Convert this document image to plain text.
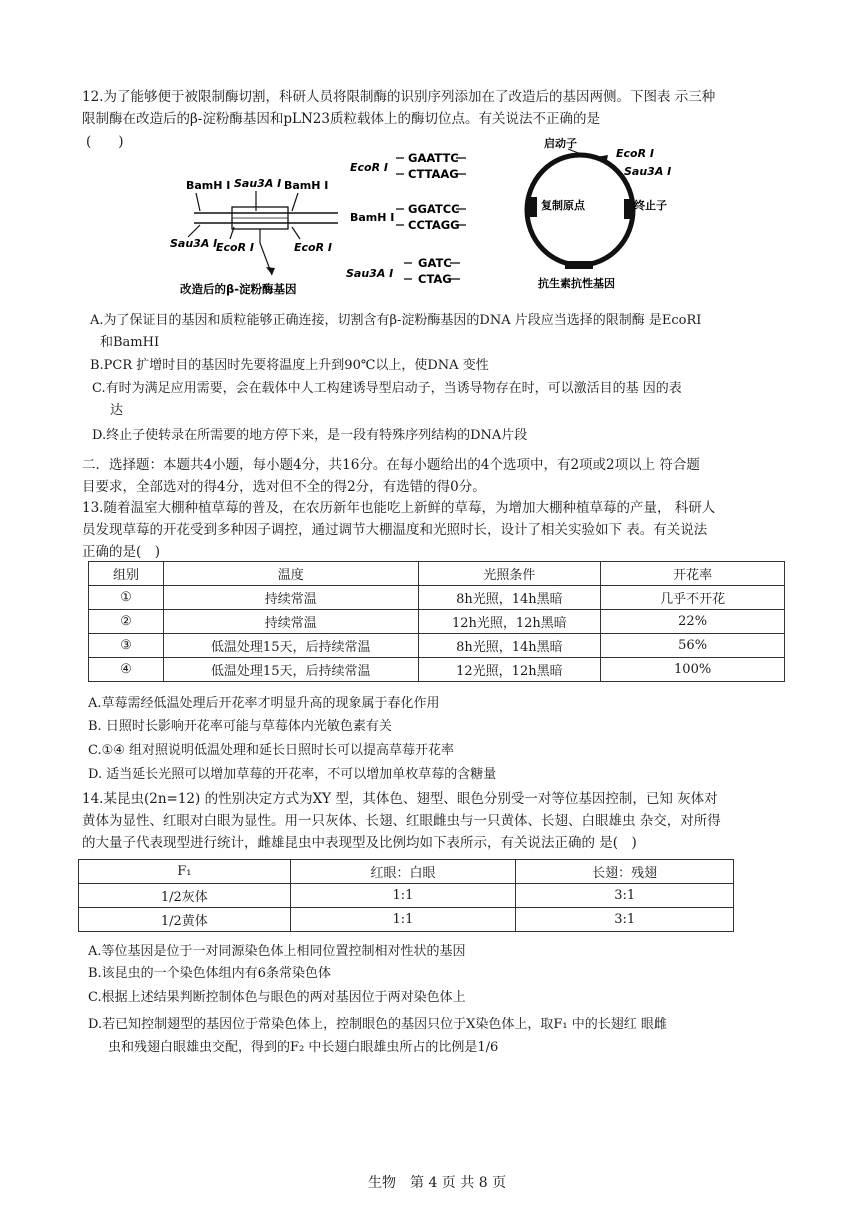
12.为了能够便于被限制酶切割，科研人员将限制酶的识别序列添加在了改造后的基因两侧。下图表 示三种
限制酶在改造后的β-淀粉酶基因和pLN23质粒载体上的酶切位点。有关说法不正确的是
(　　)
BamH I Sau3A I BamH I
Sau3A I
EcoR I	EcoR I
改造后的β-淀粉酶基因
EcoR I
GAATTC
CTTAAG
BamH I
GGATCC
CCTAGG
Sau3A I
GATC
CTAG
启动子
EcoR I
Sau3A I
终止子
复制原点
抗生素抗性基因
A.为了保证目的基因和质粒能够正确连接，切割含有β-淀粉酶基因的DNA 片段应当选择的限制酶 是EcoRI
和BamHI
B.PCR 扩增时目的基因时先要将温度上升到90℃以上，使DNA 变性
C.有时为满足应用需要，会在载体中人工构建诱导型启动子，当诱导物存在时，可以激活目的基 因的表
达
D.终止子使转录在所需要的地方停下来，是一段有特殊序列结构的DNA片段
二．选择题：本题共4小题，每小题4分，共16分。在每小题给出的4个选项中，有2项或2项以上 符合题
目要求，全部选对的得4分，选对但不全的得2分，有选错的得0分。
13.随着温室大棚种植草莓的普及，在农历新年也能吃上新鲜的草莓，为增加大棚种植草莓的产量， 科研人
员发现草莓的开花受到多种因子调控，通过调节大棚温度和光照时长，设计了相关实验如下 表。有关说法
正确的是(　)
组别	温度	光照条件	开花率
①	持续常温	8h光照，14h黑暗	几乎不开花
②	持续常温	12h光照，12h黑暗	22%
③	低温处理15天，后持续常温	8h光照，14h黑暗	56%
④	低温处理15天，后持续常温	12光照，12h黑暗	100%
A.草莓需经低温处理后开花率才明显升高的现象属于春化作用
B. 日照时长影响开花率可能与草莓体内光敏色素有关
C.①④ 组对照说明低温处理和延长日照时长可以提高草莓开花率
D. 适当延长光照可以增加草莓的开花率，不可以增加单枚草莓的含糖量
14.某昆虫(2n=12) 的性别决定方式为XY 型，其体色、翅型、眼色分别受一对等位基因控制，已知 灰体对
黄体为显性、红眼对白眼为显性。用一只灰体、长翅、红眼雌虫与一只黄体、长翅、白眼雄虫 杂交，对所得
的大量子代表现型进行统计，雌雄昆虫中表现型及比例均如下表所示，有关说法正确的 是(　)
F₁	红眼：白眼	长翅：残翅
1/2灰体	1:1	3:1
1/2黄体	1:1	3:1
A.等位基因是位于一对同源染色体上相同位置控制相对性状的基因
B.该昆虫的一个染色体组内有6条常染色体
C.根据上述结果判断控制体色与眼色的两对基因位于两对染色体上
D.若已知控制翅型的基因位于常染色体上，控制眼色的基因只位于X染色体上，取F₁ 中的长翅红 眼雌
虫和残翅白眼雄虫交配，得到的F₂ 中长翅白眼雄虫所占的比例是1/6
生物　第 4 页 共 8 页
